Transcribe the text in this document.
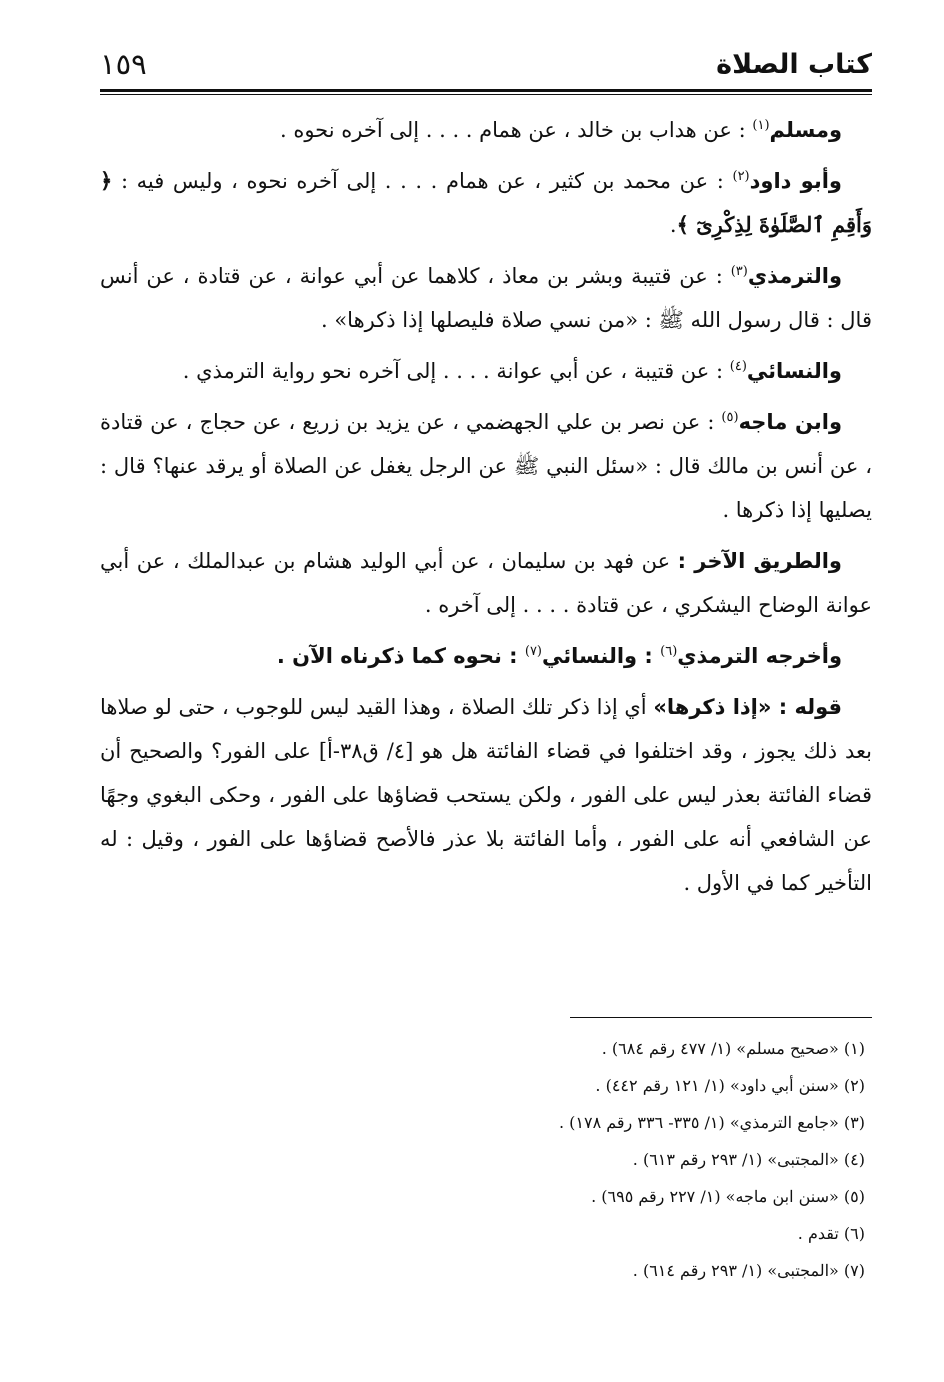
١٥٩	كتاب الصلاة

ومسلم$^{(١)}$ : عن هداب بن خالد ، عن همام . . . . إلى آخره نحوه .

وأبو داود$^{(٢)}$ : عن محمد بن كثير ، عن همام . . . . إلى آخره نحوه ، وليس فيه : ﴿ وَأَقِمِ ٱلصَّلَوٰةَ لِذِكْرِىٓ ﴾.

والترمذي$^{(٣)}$ : عن قتيبة وبشر بن معاذ ، كلاهما عن أبي عوانة ، عن قتادة ، عن أنس قال : قال رسول الله ﷺ : «من نسي صلاة فليصلها إذا ذكرها» .

والنسائي$^{(٤)}$ : عن قتيبة ، عن أبي عوانة . . . . إلى آخره نحو رواية الترمذي .

وابن ماجه$^{(٥)}$ : عن نصر بن علي الجهضمي ، عن يزيد بن زريع ، عن حجاج ، عن قتادة ، عن أنس بن مالك قال : «سئل النبي ﷺ عن الرجل يغفل عن الصلاة أو يرقد عنها؟ قال : يصليها إذا ذكرها .

والطريق الآخر : عن فهد بن سليمان ، عن أبي الوليد هشام بن عبدالملك ، عن أبي عوانة الوضاح اليشكري ، عن قتادة . . . . إلى آخره .

وأخرجه الترمذي$^{(٦)}$ : والنسائي$^{(٧)}$ : نحوه كما ذكرناه الآن .

قوله : «إذا ذكرها» أي إذا ذكر تلك الصلاة ، وهذا القيد ليس للوجوب ، حتى لو صلاها بعد ذلك يجوز ، وقد اختلفوا في قضاء الفائتة هل هو [٤/ ق٣٨-أ] على الفور؟ والصحيح أن قضاء الفائتة بعذر ليس على الفور ، ولكن يستحب قضاؤها على الفور ، وحكى البغوي وجهًا عن الشافعي أنه على الفور ، وأما الفائتة بلا عذر فالأصح قضاؤها على الفور ، وقيل : له التأخير كما في الأول .

(١) «صحيح مسلم» (١/ ٤٧٧ رقم ٦٨٤) .
(٢) «سنن أبي داود» (١/ ١٢١ رقم ٤٤٢) .
(٣) «جامع الترمذي» (١/ ٣٣٥- ٣٣٦ رقم ١٧٨) .
(٤) «المجتبى» (١/ ٢٩٣ رقم ٦١٣) .
(٥) «سنن ابن ماجه» (١/ ٢٢٧ رقم ٦٩٥) .
(٦) تقدم .
(٧) «المجتبى» (١/ ٢٩٣ رقم ٦١٤) .
